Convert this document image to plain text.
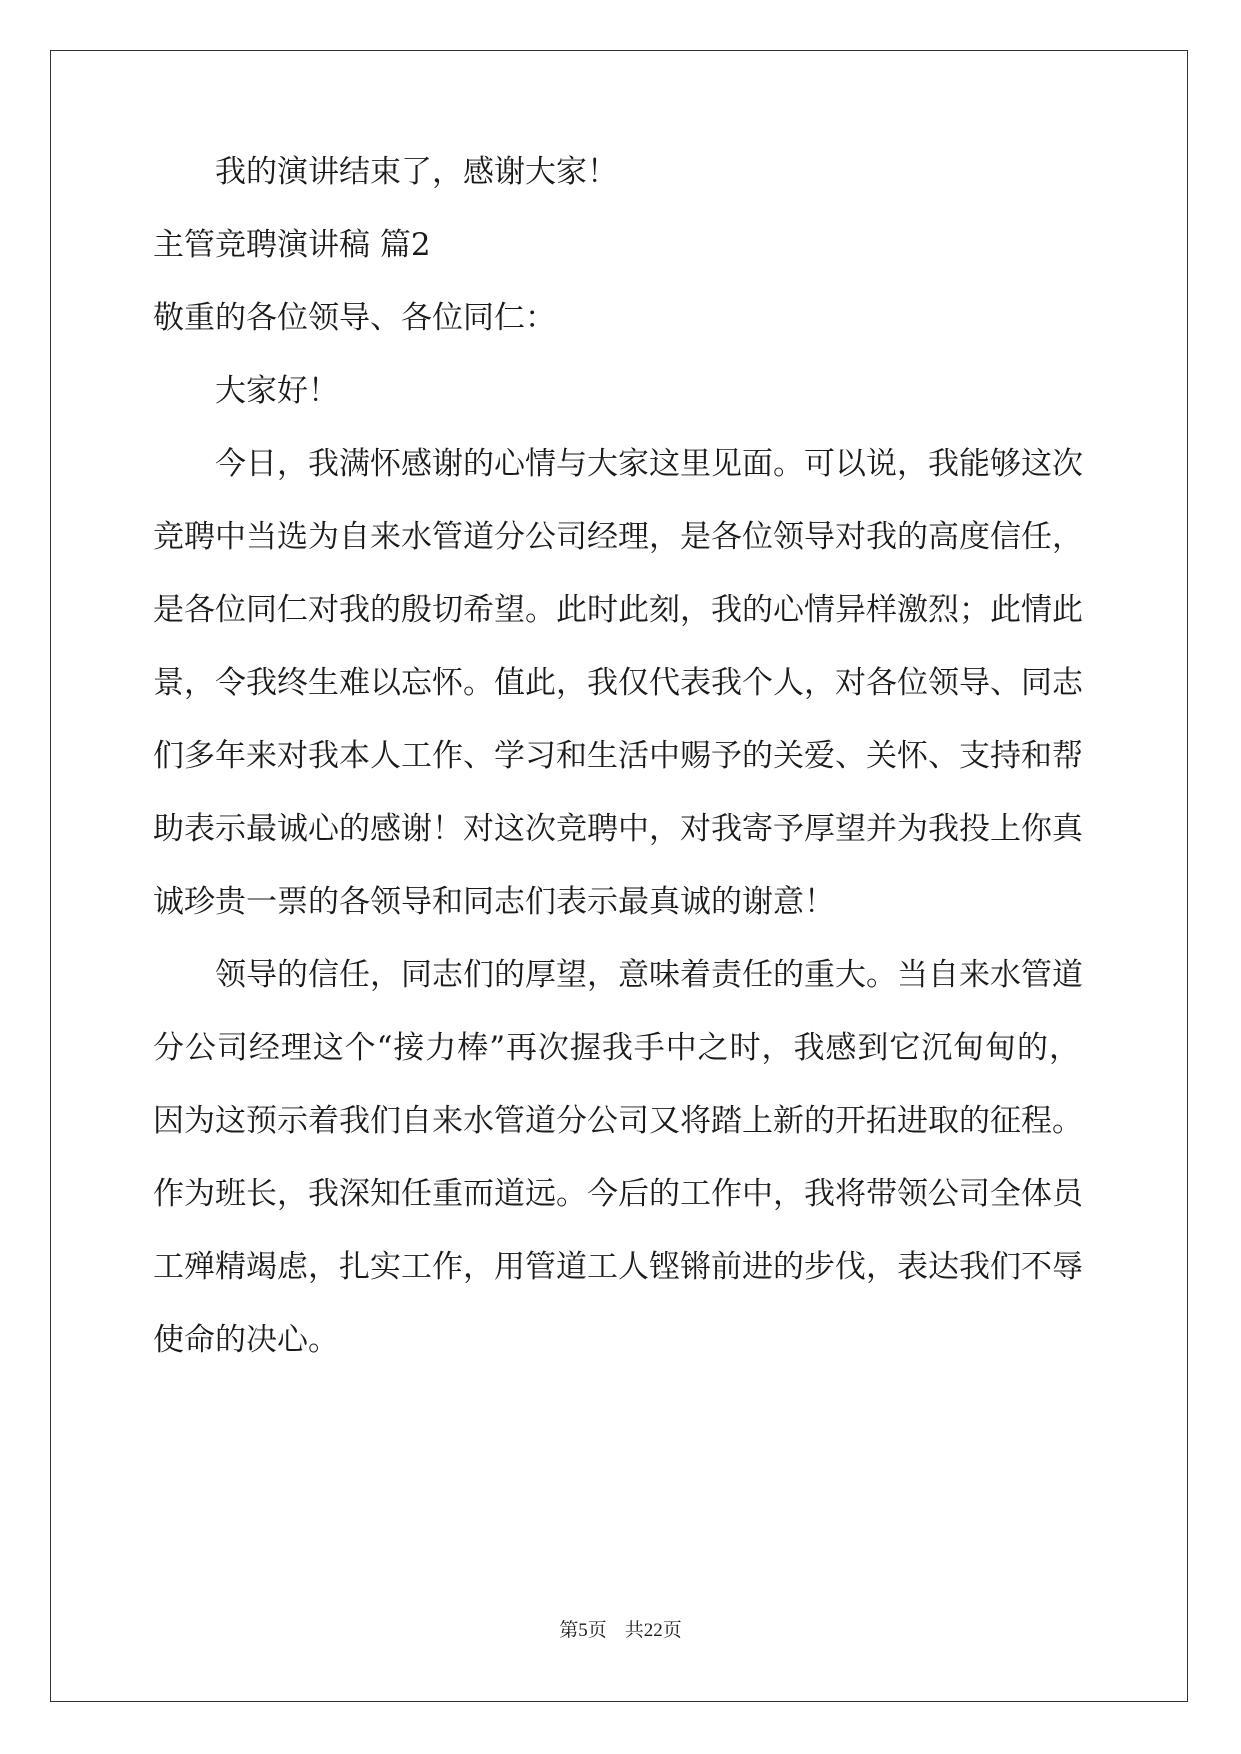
我的演讲结束了，感谢大家！

主管竞聘演讲稿 篇2

敬重的各位领导、各位同仁：

大家好！

今日，我满怀感谢的心情与大家这里见面。可以说，我能够这次

竞聘中当选为自来水管道分公司经理，是各位领导对我的高度信任，

是各位同仁对我的殷切希望。此时此刻，我的心情异样激烈；此情此

景，令我终生难以忘怀。值此，我仅代表我个人，对各位领导、同志

们多年来对我本人工作、学习和生活中赐予的关爱、关怀、支持和帮

助表示最诚心的感谢！对这次竞聘中，对我寄予厚望并为我投上你真

诚珍贵一票的各领导和同志们表示最真诚的谢意！

领导的信任，同志们的厚望，意味着责任的重大。当自来水管道

分公司经理这个“接力棒”再次握我手中之时，我感到它沉甸甸的，

因为这预示着我们自来水管道分公司又将踏上新的开拓进取的征程。

作为班长，我深知任重而道远。今后的工作中，我将带领公司全体员

工殚精竭虑，扎实工作，用管道工人铿锵前进的步伐，表达我们不辱

使命的决心。

第5页 共22页
